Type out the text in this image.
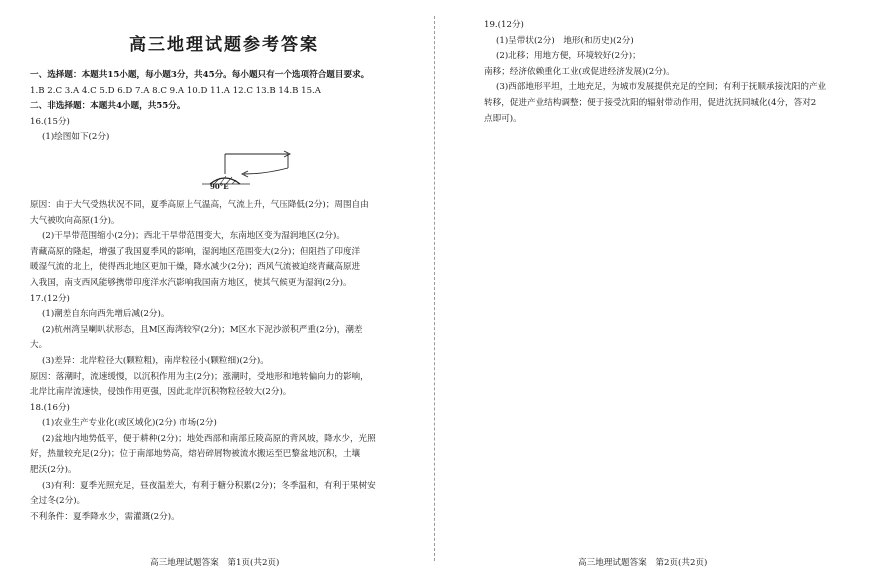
高三地理试题参考答案
一、选择题：本题共15小题，每小题3分，共45分。每小题只有一个选项符合题目要求。
1.B 2.C 3.A 4.C 5.D 6.D 7.A 8.C 9.A 10.D 11.A 12.C 13.B 14.B 15.A
二、非选择题：本题共4小题，共55分。
16.(15分)
(1)绘图如下(2分)
90°E
原因：由于大气受热状况不同，夏季高原上气温高，气流上升，气压降低(2分)；周围自由
大气被吹向高原(1分)。
(2)干旱带范围缩小(2分)；西北干旱带范围变大，东南地区变为湿润地区(2分)。
青藏高原的隆起，增强了我国夏季风的影响，湿润地区范围变大(2分)；但阻挡了印度洋
暖湿气流的北上，使得西北地区更加干燥，降水减少(2分)；西风气流被迫绕青藏高原进
入我国，南支西风能够携带印度洋水汽影响我国南方地区，使其气候更为湿润(2分)。
17.(12分)
(1)潮差自东向西先增后减(2分)。
(2)杭州湾呈喇叭状形态，且M区海湾较窄(2分)；M区水下泥沙淤积严重(2分)，潮差
大。
(3)差异：北岸粒径大(颗粒粗)，南岸粒径小(颗粒细)(2分)。
原因：落潮时，流速缓慢，以沉积作用为主(2分)；涨潮时，受地形和地转偏向力的影响，
北岸比南岸流速快，侵蚀作用更强，因此北岸沉积物粒径较大(2分)。
18.(16分)
(1)农业生产专业化(或区域化)(2分) 市场(2分)
(2)盆地内地势低平，便于耕种(2分)；地处西部和南部丘陵高原的背风坡，降水少，光照
好，热量较充足(2分)；位于南部地势高，熔岩碎屑物被流水搬运至巴黎盆地沉积，土壤
肥沃(2分)。
(3)有利：夏季光照充足，昼夜温差大，有利于糖分积累(2分)；冬季温和，有利于果树安
全过冬(2分)。
不利条件：夏季降水少，需灌溉(2分)。
高三地理试题答案　第1页(共2页)
19.(12分)
(1)呈带状(2分)　地形(和历史)(2分)
(2)北移；用地方便，环境较好(2分)；
南移；经济依赖重化工业(或促进经济发展)(2分)。
(3)西部地形平坦，土地充足，为城市发展提供充足的空间；有利于抚顺承接沈阳的产业
转移，促进产业结构调整；便于接受沈阳的辐射带动作用，促进沈抚同城化(4分，答对2
点即可)。
高三地理试题答案　第2页(共2页)
